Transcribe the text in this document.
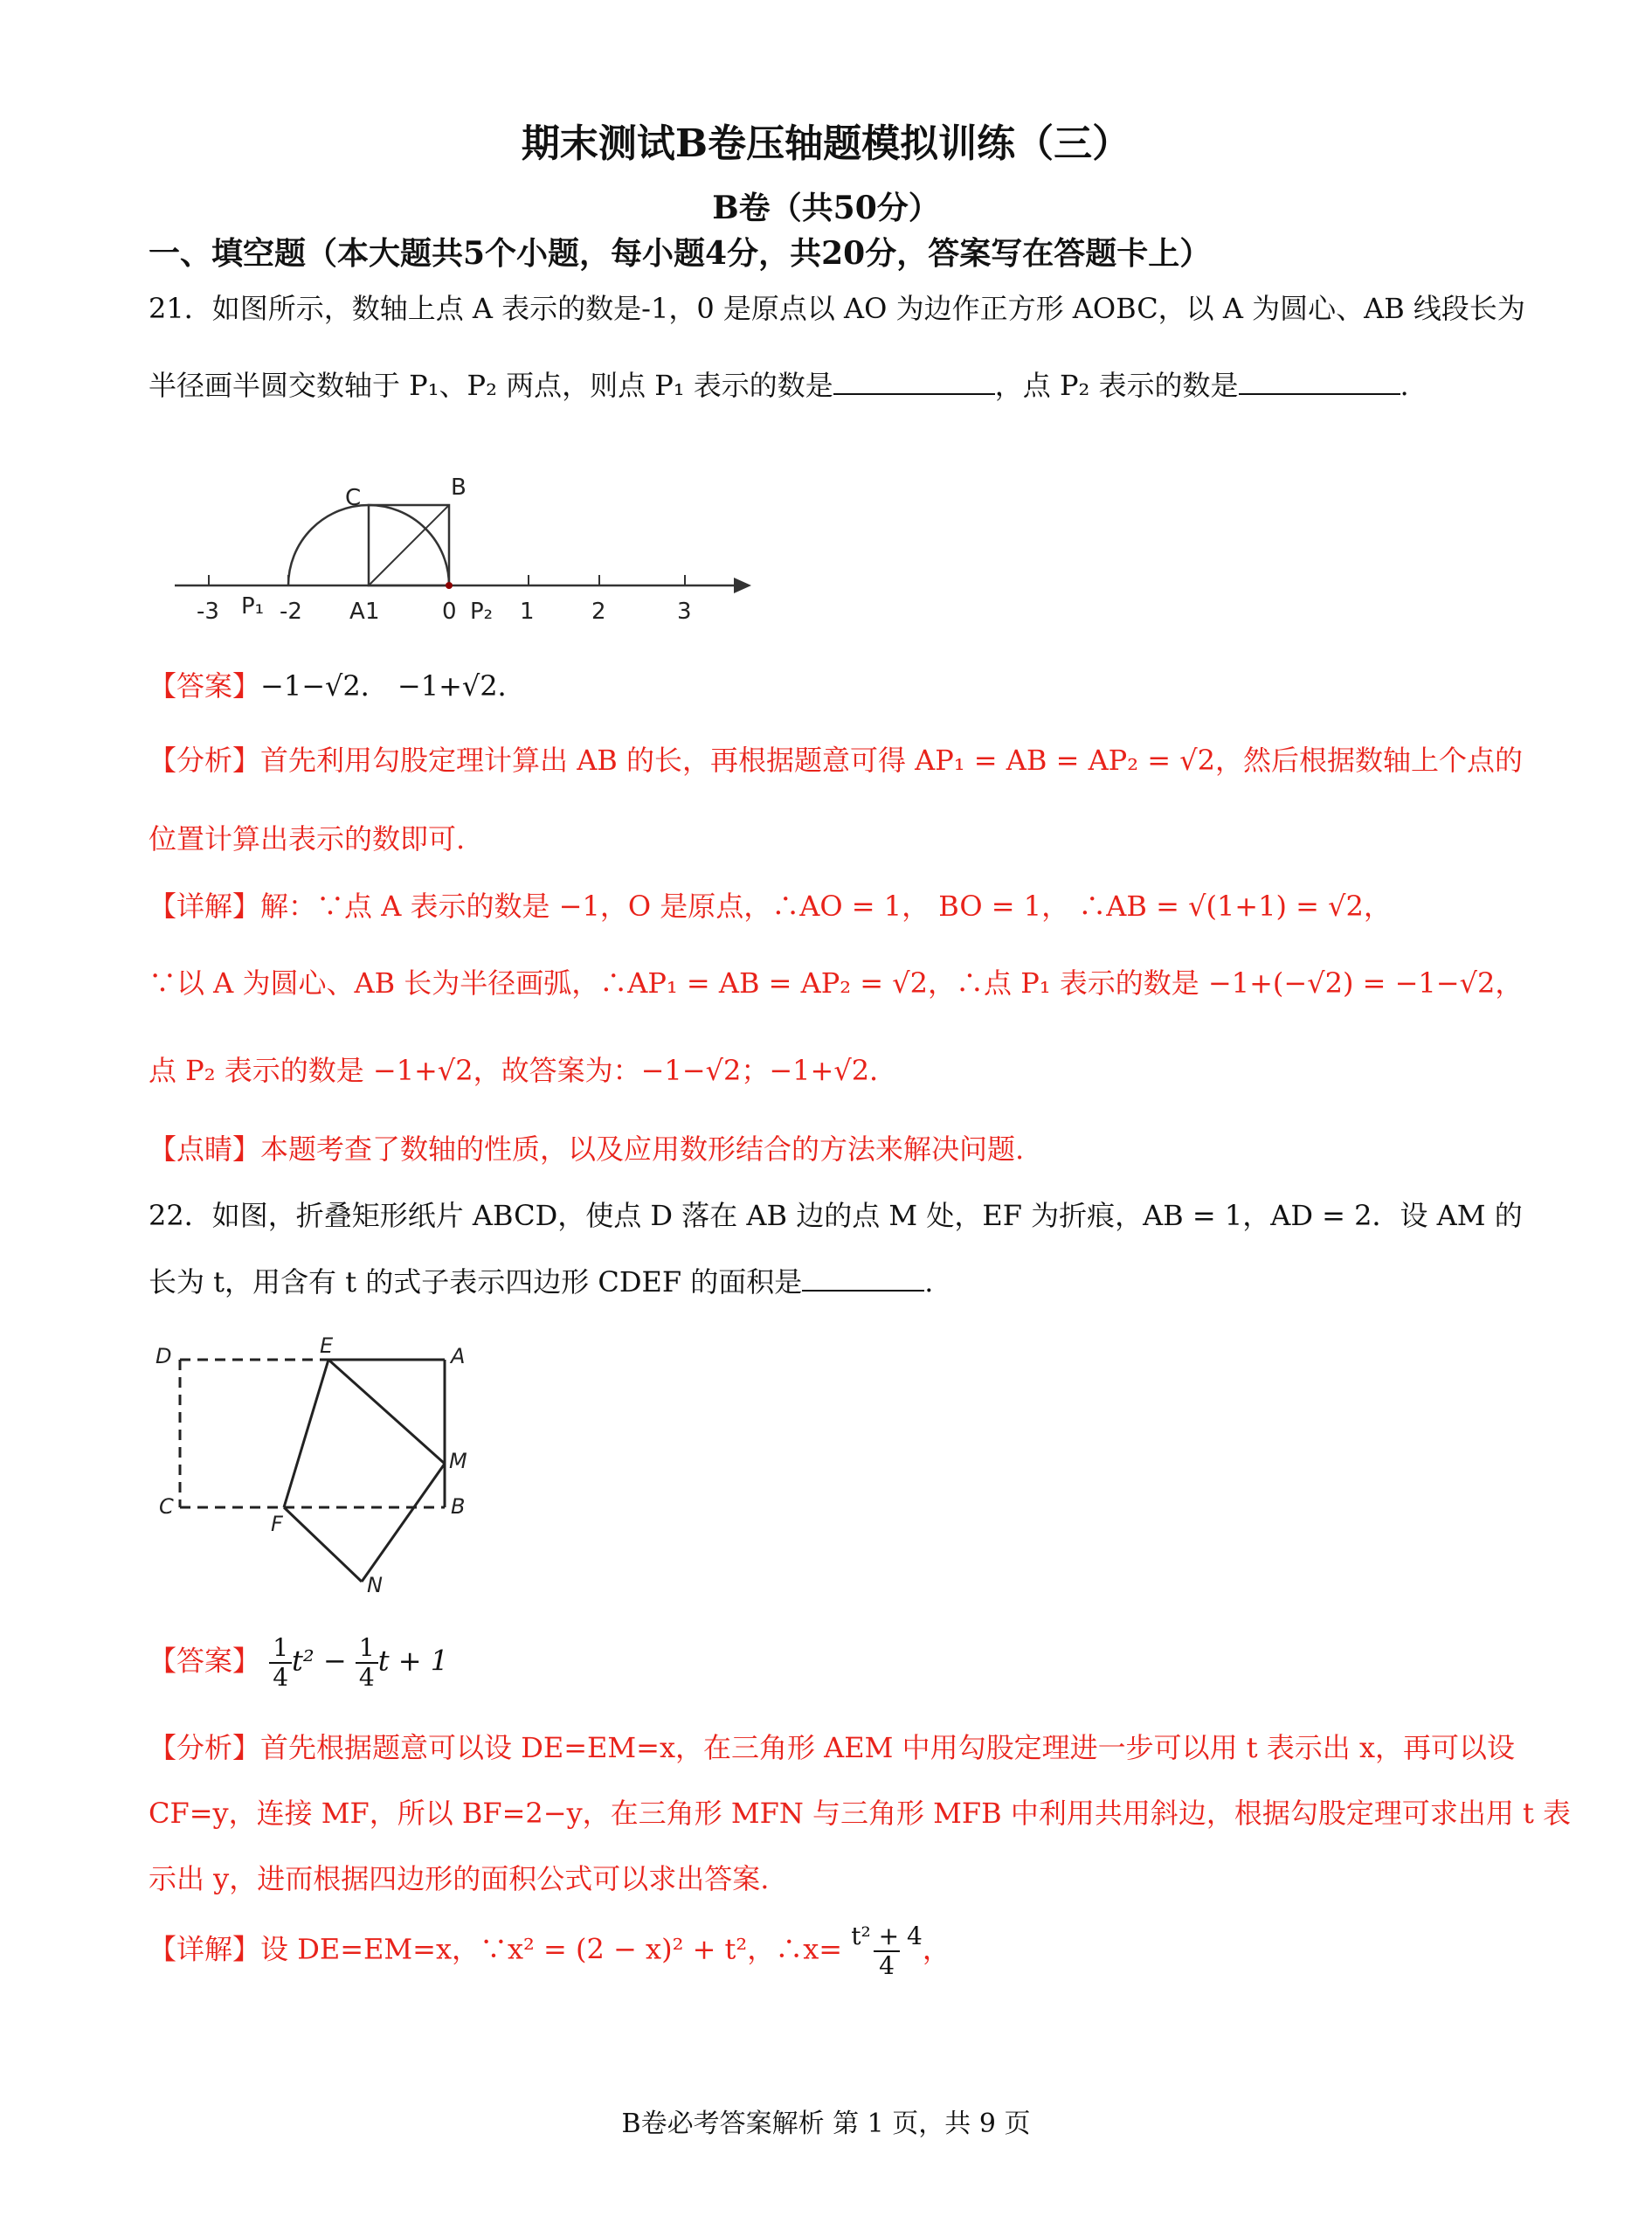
期末测试B卷压轴题模拟训练（三）
B卷（共50分）
一、填空题（本大题共5个小题，每小题4分，共20分，答案写在答题卡上）
21．如图所示，数轴上点 A 表示的数是-1，0 是原点以 AO 为边作正方形 AOBC，以 A 为圆心、AB 线段长为
半径画半圆交数轴于 P₁、P₂ 两点，则点 P₁ 表示的数是	，点 P₂ 表示的数是	.
C	B
A 1	0
P₁	P₂
-3	-2	1	2	3
【答案】−1−√2． −1+√2．
【分析】首先利用勾股定理计算出 AB 的长，再根据题意可得 AP₁ = AB = AP₂ = √2，然后根据数轴上个点的
位置计算出表示的数即可.
【详解】解：∵点 A 表示的数是 −1，O 是原点，∴AO = 1， BO = 1， ∴AB = √(1+1) = √2，
∵以 A 为圆心、AB 长为半径画弧，∴AP₁ = AB = AP₂ = √2，∴点 P₁ 表示的数是 −1+(−√2) = −1−√2，
点 P₂ 表示的数是 −1+√2，故答案为：−1−√2；−1+√2．
【点睛】本题考查了数轴的性质，以及应用数形结合的方法来解决问题.
22．如图，折叠矩形纸片 ABCD，使点 D 落在 AB 边的点 M 处，EF 为折痕，AB = 1，AD = 2．设 AM 的
长为 t，用含有 t 的式子表示四边形 CDEF 的面积是	.
D	E	A
M
C
F
B
N
【答案】 $\frac{1}{4} t^2 - \frac{1}{4}$ t + 1
【分析】首先根据题意可以设 DE=EM=x，在三角形 AEM 中用勾股定理进一步可以用 t 表示出 x，再可以设
CF=y，连接 MF，所以 BF=2−y，在三角形 MFN 与三角形 MFB 中利用共用斜边，根据勾股定理可求出用 t 表
示出 y，进而根据四边形的面积公式可以求出答案.
【详解】设 DE=EM=x，∵x² = (2 − x)² + t²，∴x= $\frac{\text{t² + 4}}{4}$ ，
B卷必考答案解析 第 1 页，共 9 页
